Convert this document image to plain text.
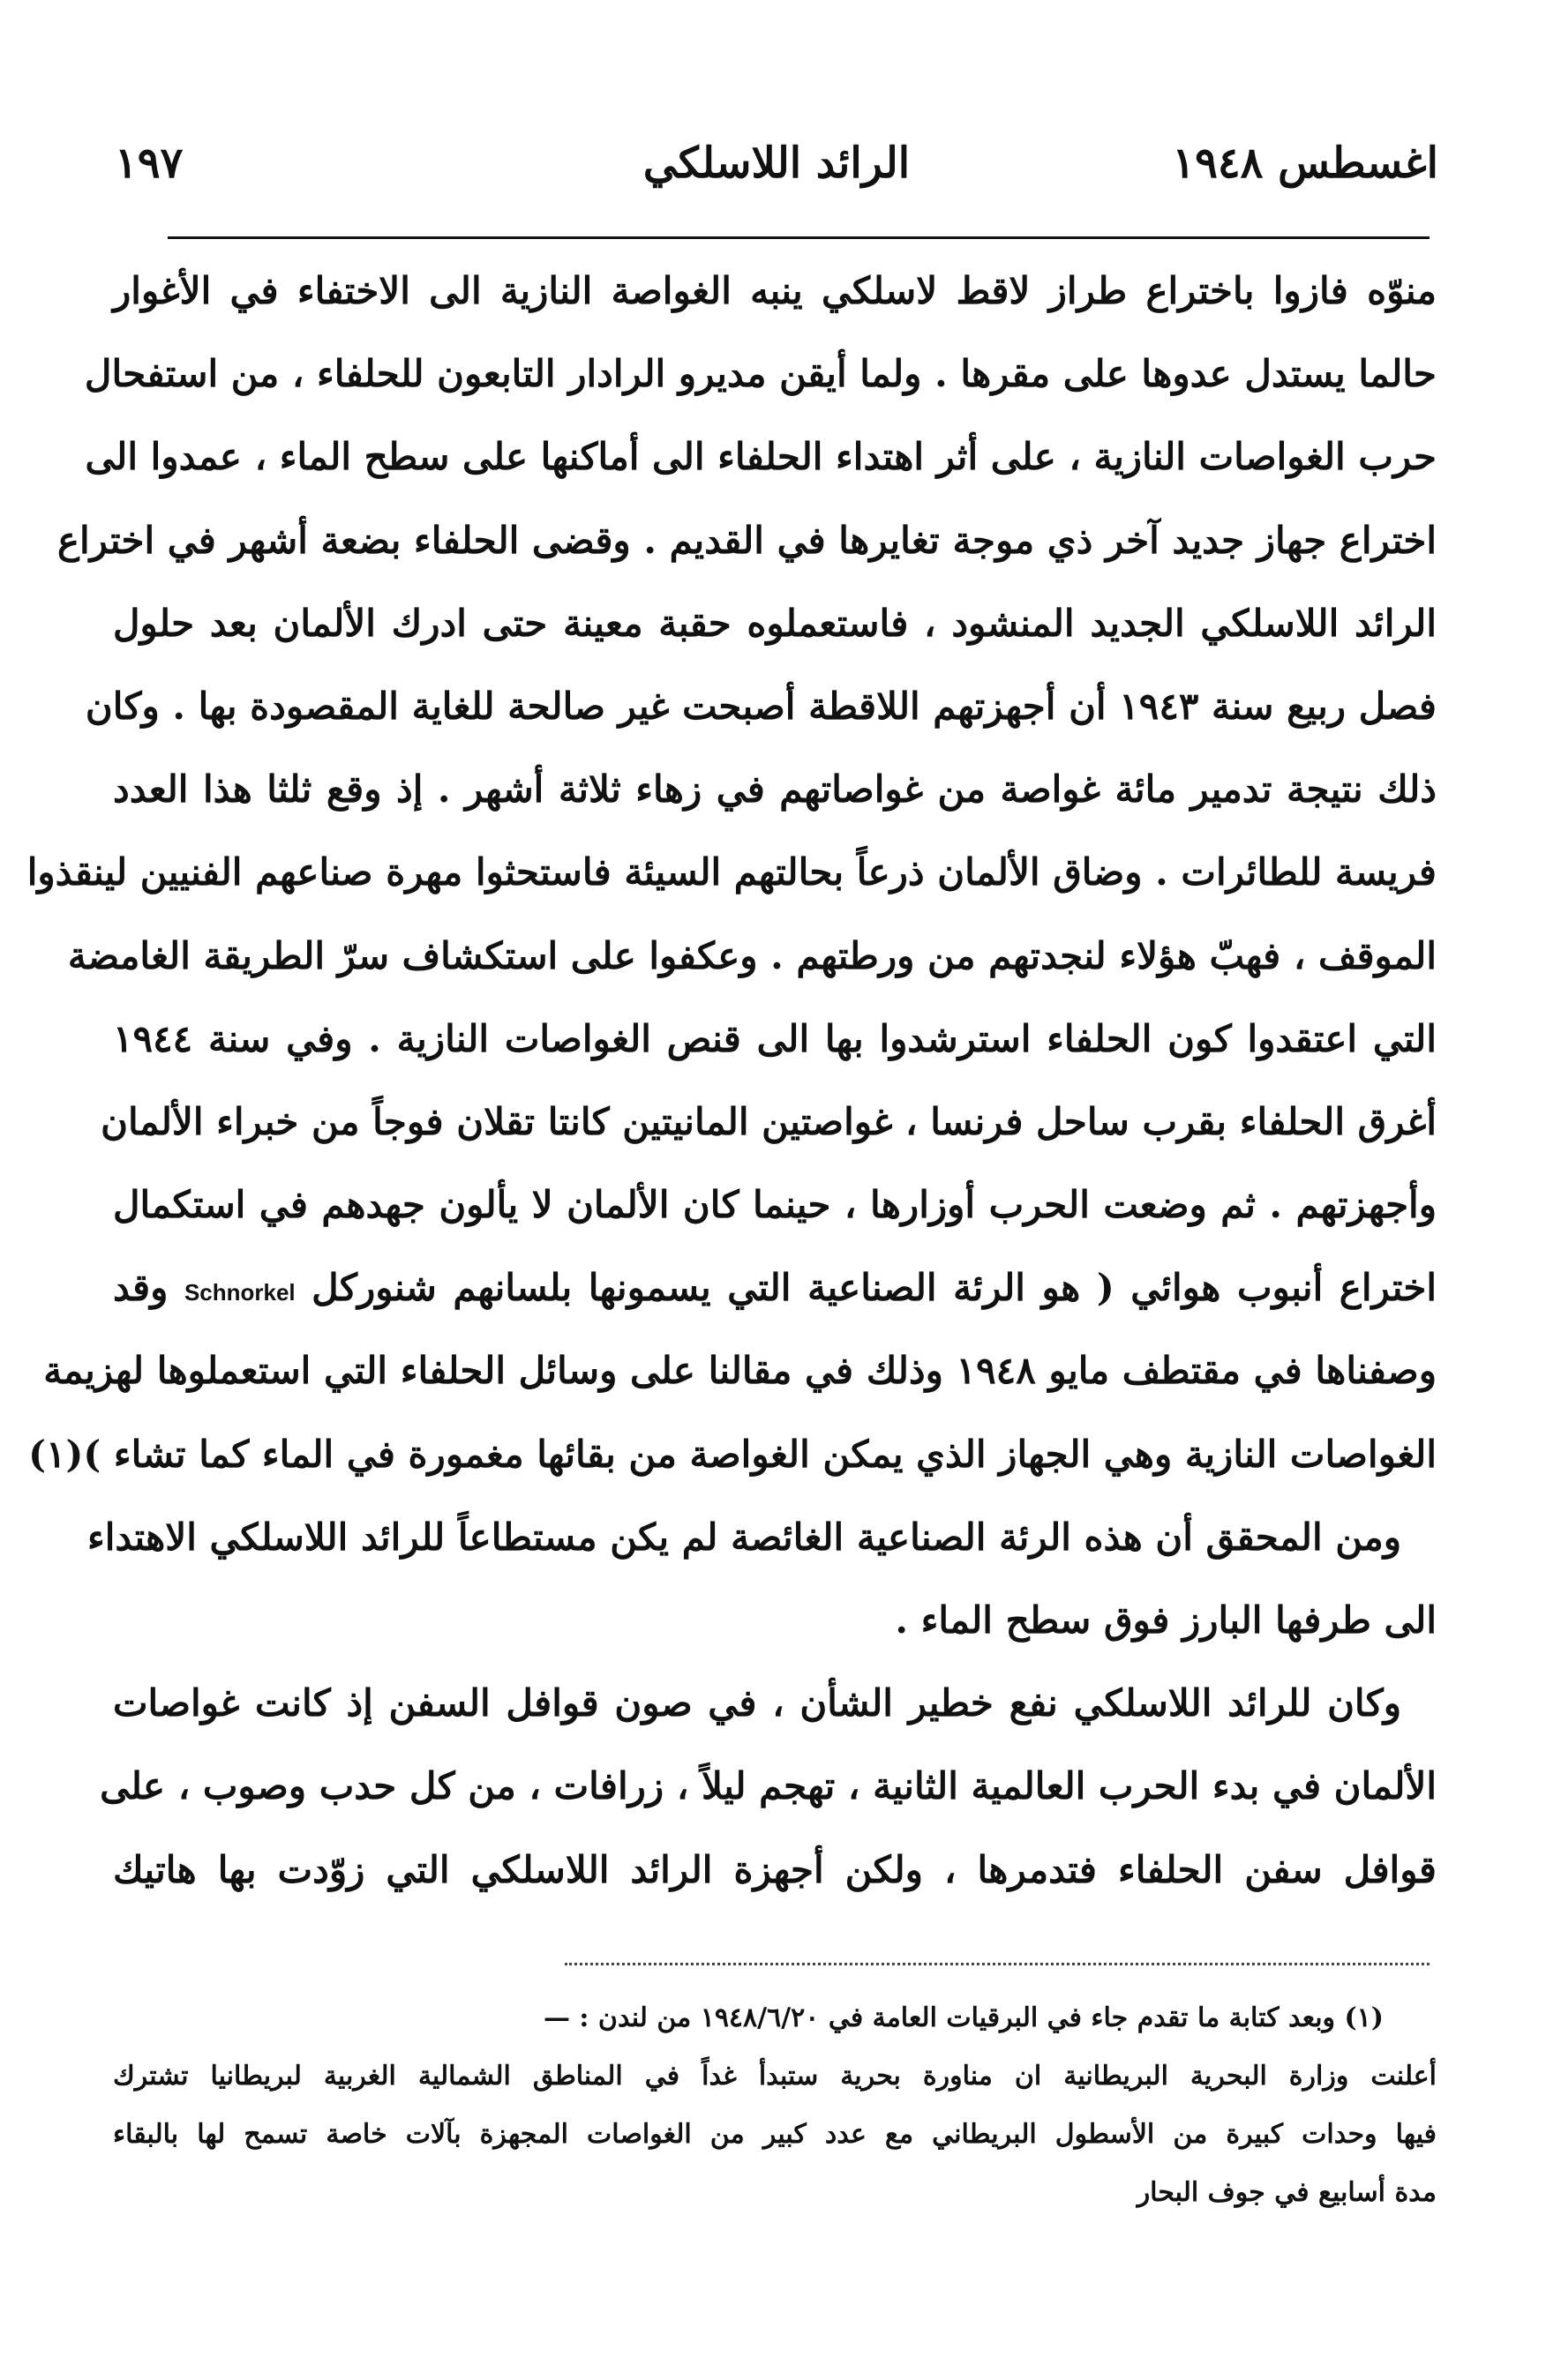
اغسطس ١٩٤٨
الرائد اللاسلكي
١٩٧
منوّه فازوا باختراع طراز لاقط لاسلكي ينبه الغواصة النازية الى الاختفاء في الأغوار
حالما يستدل عدوها على مقرها . ولما أيقن مديرو الرادار التابعون للحلفاء ، من استفحال
حرب الغواصات النازية ، على أثر اهتداء الحلفاء الى أماكنها على سطح الماء ، عمدوا الى
اختراع جهاز جديد آخر ذي موجة تغايرها في القديم . وقضى الحلفاء بضعة أشهر في اختراع
الرائد اللاسلكي الجديد المنشود ، فاستعملوه حقبة معينة حتى ادرك الألمان بعد حلول
فصل ربيع سنة ١٩٤٣ أن أجهزتهم اللاقطة أصبحت غير صالحة للغاية المقصودة بها . وكان
ذلك نتيجة تدمير مائة غواصة من غواصاتهم في زهاء ثلاثة أشهر . إذ وقع ثلثا هذا العدد
فريسة للطائرات . وضاق الألمان ذرعاً بحالتهم السيئة فاستحثوا مهرة صناعهم الفنيين لينقذوا
الموقف ، فهبّ هؤلاء لنجدتهم من ورطتهم . وعكفوا على استكشاف سرّ الطريقة الغامضة
التي اعتقدوا كون الحلفاء استرشدوا بها الى قنص الغواصات النازية . وفي سنة ١٩٤٤
أغرق الحلفاء بقرب ساحل فرنسا ، غواصتين المانيتين كانتا تقلان فوجاً من خبراء الألمان
وأجهزتهم . ثم وضعت الحرب أوزارها ، حينما كان الألمان لا يألون جهدهم في استكمال
اختراع أنبوب هوائي ( هو الرئة الصناعية التي يسمونها بلسانهم شنوركل Schnorkel وقد
وصفناها في مقتطف مايو ١٩٤٨ وذلك في مقالنا على وسائل الحلفاء التي استعملوها لهزيمة
الغواصات النازية وهي الجهاز الذي يمكن الغواصة من بقائها مغمورة في الماء كما تشاء )(١)
ومن المحقق أن هذه الرئة الصناعية الغائصة لم يكن مستطاعاً للرائد اللاسلكي الاهتداء
الى طرفها البارز فوق سطح الماء .
وكان للرائد اللاسلكي نفع خطير الشأن ، في صون قوافل السفن إذ كانت غواصات
الألمان في بدء الحرب العالمية الثانية ، تهجم ليلاً ، زرافات ، من كل حدب وصوب ، على
قوافل سفن الحلفاء فتدمرها ، ولكن أجهزة الرائد اللاسلكي التي زوّدت بها هاتيك
(١) وبعد كتابة ما تقدم جاء في البرقيات العامة في ١٩٤٨/٦/٢٠ من لندن : —
أعلنت وزارة البحرية البريطانية ان مناورة بحرية ستبدأ غداً في المناطق الشمالية الغربية لبريطانيا تشترك
فيها وحدات كبيرة من الأسطول البريطاني مع عدد كبير من الغواصات المجهزة بآلات خاصة تسمح لها بالبقاء
مدة أسابيع في جوف البحار
